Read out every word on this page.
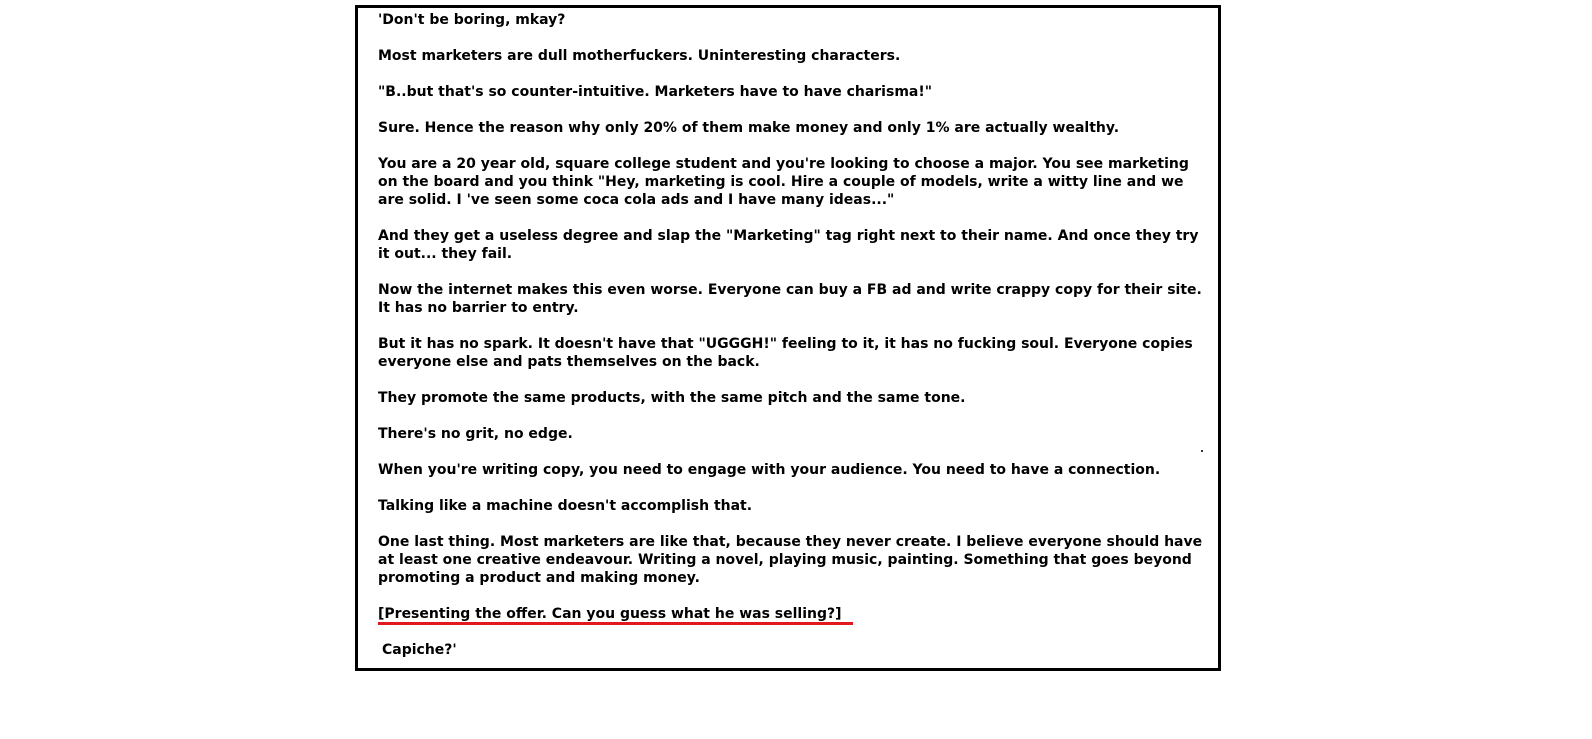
'Don't be boring, mkay?

Most marketers are dull motherfuckers. Uninteresting characters.

"B..but that's so counter-intuitive. Marketers have to have charisma!"

Sure. Hence the reason why only 20% of them make money and only 1% are actually wealthy.

You are a 20 year old, square college student and you're looking to choose a major. You see marketing on the board and you think "Hey, marketing is cool. Hire a couple of models, write a witty line and we are solid. I 've seen some coca cola ads and I have many ideas..."

And they get a useless degree and slap the "Marketing" tag right next to their name. And once they try it out... they fail.

Now the internet makes this even worse. Everyone can buy a FB ad and write crappy copy for their site. It has no barrier to entry.

But it has no spark. It doesn't have that "UGGGH!" feeling to it, it has no fucking soul. Everyone copies everyone else and pats themselves on the back.

They promote the same products, with the same pitch and the same tone.

There's no grit, no edge.

When you're writing copy, you need to engage with your audience. You need to have a connection.

Talking like a machine doesn't accomplish that.

One last thing. Most marketers are like that, because they never create. I believe everyone should have at least one creative endeavour. Writing a novel, playing music, painting. Something that goes beyond promoting a product and making money.

[Presenting the offer. Can you guess what he was selling?]

Capiche?'
